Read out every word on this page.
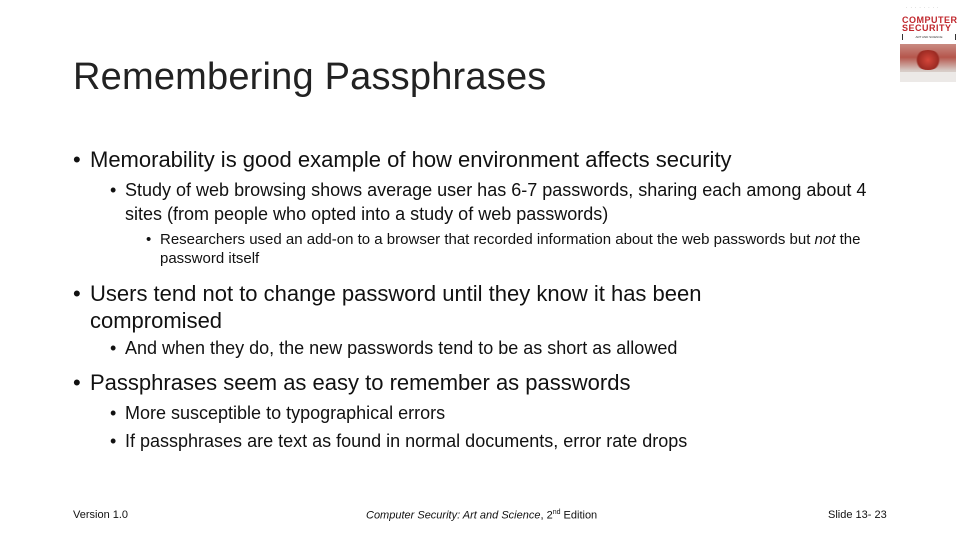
Remembering Passphrases
· · · · · · · ·
COMPUTER
SECURITY
ART AND SCIENCE
• Memorability is good example of how environment affects security
• Study of web browsing shows average user has 6-7 passwords, sharing each among about 4 sites (from people who opted into a study of web passwords)
• Researchers used an add-on to a browser that recorded information about the web passwords but not the password itself
• Users tend not to change password until they know it has been compromised
• And when they do, the new passwords tend to be as short as allowed
• Passphrases seem as easy to remember as passwords
• More susceptible to typographical errors
• If passphrases are text as found in normal documents, error rate drops
Version 1.0	Computer Security: Art and Science, 2nd Edition	Slide 13- 23
